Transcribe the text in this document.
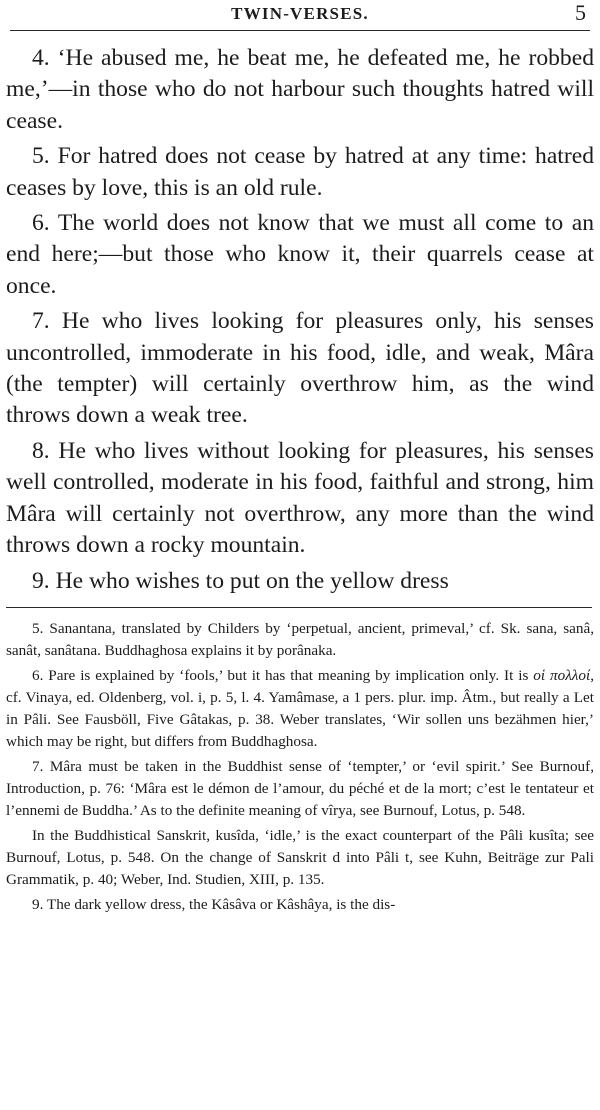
TWIN-VERSES.	5

4. ‘He abused me, he beat me, he defeated me, he robbed me,’—in those who do not harbour such thoughts hatred will cease.

5. For hatred does not cease by hatred at any time: hatred ceases by love, this is an old rule.

6. The world does not know that we must all come to an end here;—but those who know it, their quarrels cease at once.

7. He who lives looking for pleasures only, his senses uncontrolled, immoderate in his food, idle, and weak, Mâra (the tempter) will certainly overthrow him, as the wind throws down a weak tree.

8. He who lives without looking for pleasures, his senses well controlled, moderate in his food, faithful and strong, him Mâra will certainly not overthrow, any more than the wind throws down a rocky mountain.

9. He who wishes to put on the yellow dress

5. Sanantana, translated by Childers by ‘perpetual, ancient, primeval,’ cf. Sk. sana, sanâ, sanât, sanâtana. Buddhaghosa explains it by porânaka.

6. Pare is explained by ‘fools,’ but it has that meaning by implication only. It is οἱ πολλοί, cf. Vinaya, ed. Oldenberg, vol. i, p. 5, l. 4. Yamâmase, a 1 pers. plur. imp. Âtm., but really a Let in Pâli. See Fausböll, Five Gâtakas, p. 38. Weber translates, ‘Wir sollen uns bezähmen hier,’ which may be right, but differs from Buddhaghosa.

7. Mâra must be taken in the Buddhist sense of ‘tempter,’ or ‘evil spirit.’ See Burnouf, Introduction, p. 76: ‘Mâra est le démon de l’amour, du péché et de la mort; c’est le tentateur et l’ennemi de Buddha.’ As to the definite meaning of vîrya, see Burnouf, Lotus, p. 548.

In the Buddhistical Sanskrit, kusîda, ‘idle,’ is the exact counterpart of the Pâli kusîta; see Burnouf, Lotus, p. 548. On the change of Sanskrit d into Pâli t, see Kuhn, Beiträge zur Pali Grammatik, p. 40; Weber, Ind. Studien, XIII, p. 135.

9. The dark yellow dress, the Kâsâva or Kâshâya, is the dis-
